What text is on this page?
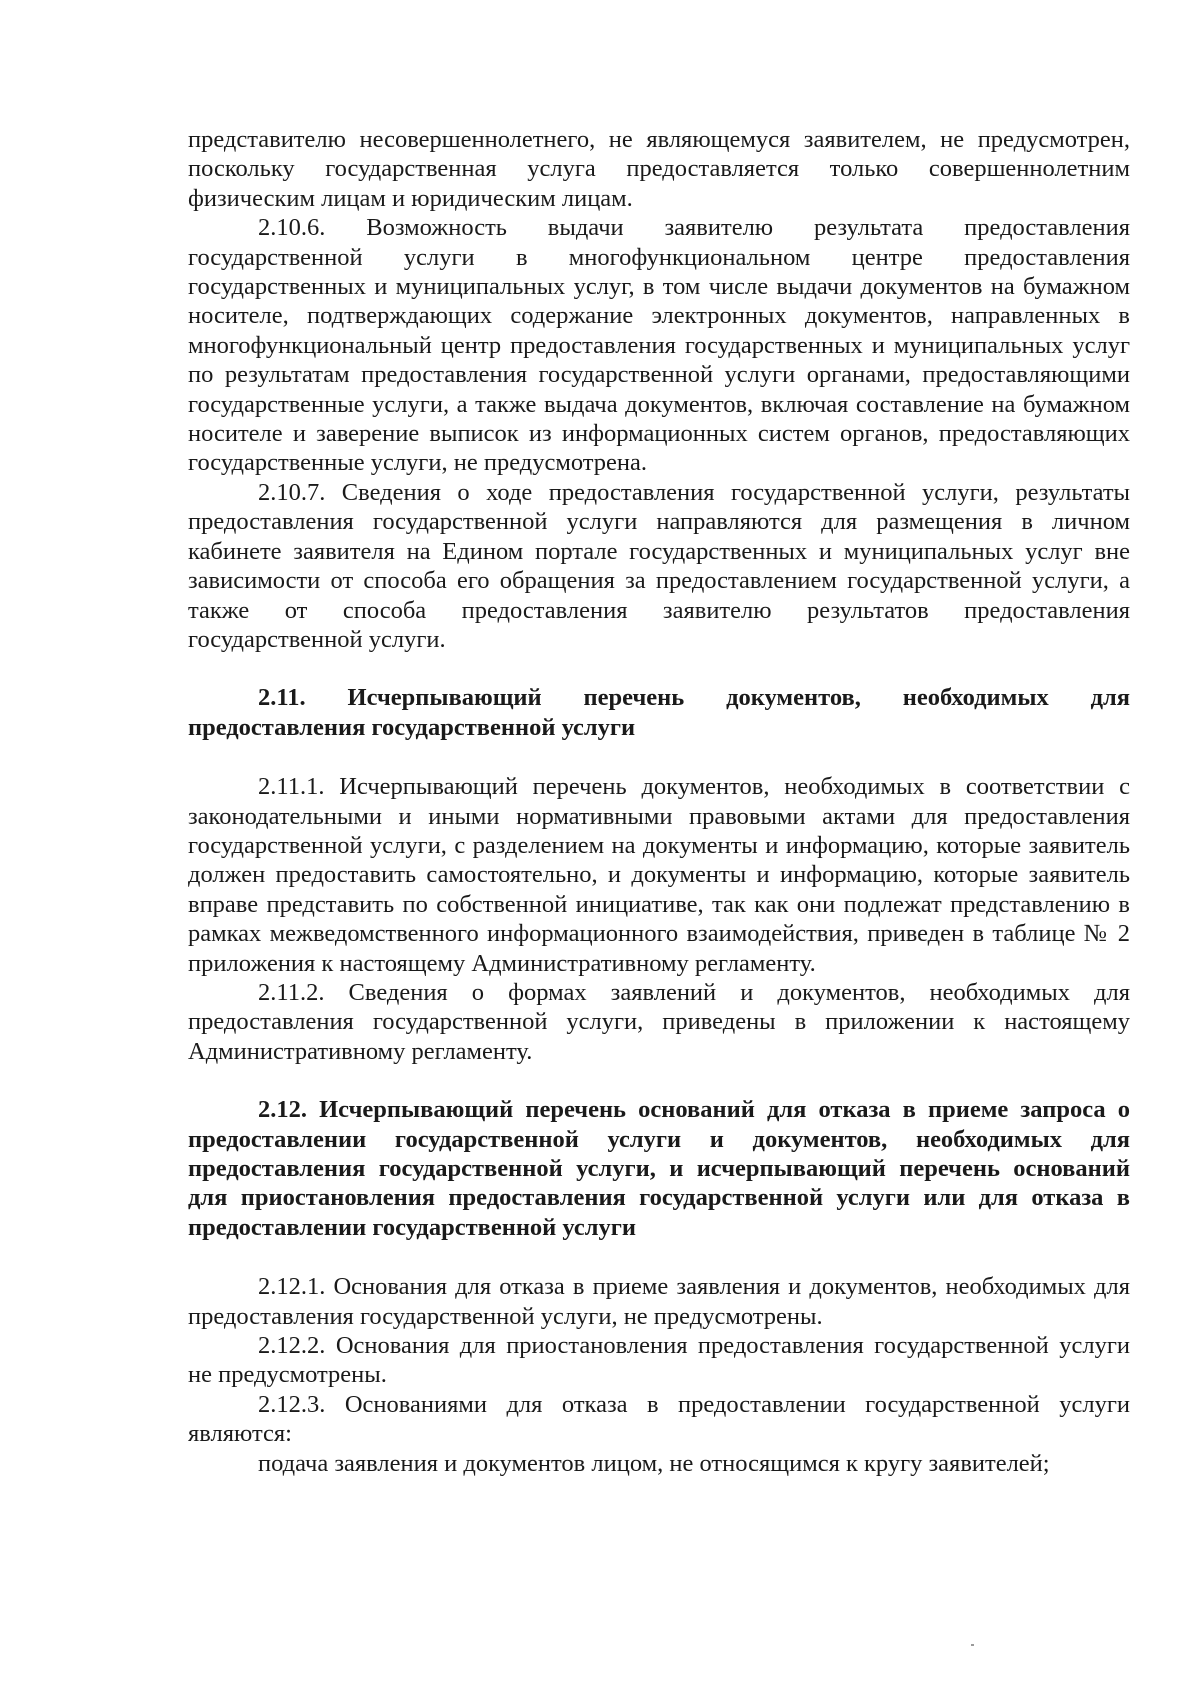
представителю несовершеннолетнего, не являющемуся заявителем, не предусмотрен, поскольку государственная услуга предоставляется только совершеннолетним физическим лицам и юридическим лицам.

2.10.6. Возможность выдачи заявителю результата предоставления государственной услуги в многофункциональном центре предоставления государственных и муниципальных услуг, в том числе выдачи документов на бумажном носителе, подтверждающих содержание электронных документов, направленных в многофункциональный центр предоставления государственных и муниципальных услуг по результатам предоставления государственной услуги органами, предоставляющими государственные услуги, а также выдача документов, включая составление на бумажном носителе и заверение выписок из информационных систем органов, предоставляющих государственные услуги, не предусмотрена.

2.10.7. Сведения о ходе предоставления государственной услуги, результаты предоставления государственной услуги направляются для размещения в личном кабинете заявителя на Едином портале государственных и муниципальных услуг вне зависимости от способа его обращения за предоставлением государственной услуги, а также от способа предоставления заявителю результатов предоставления государственной услуги.

2.11. Исчерпывающий перечень документов, необходимых для предоставления государственной услуги

2.11.1. Исчерпывающий перечень документов, необходимых в соответствии с законодательными и иными нормативными правовыми актами для предоставления государственной услуги, с разделением на документы и информацию, которые заявитель должен предоставить самостоятельно, и документы и информацию, которые заявитель вправе представить по собственной инициативе, так как они подлежат представлению в рамках межведомственного информационного взаимодействия, приведен в таблице № 2 приложения к настоящему Административному регламенту.

2.11.2. Сведения о формах заявлений и документов, необходимых для предоставления государственной услуги, приведены в приложении к настоящему Административному регламенту.

2.12. Исчерпывающий перечень оснований для отказа в приеме запроса о предоставлении государственной услуги и документов, необходимых для предоставления государственной услуги, и исчерпывающий перечень оснований для приостановления предоставления государственной услуги или для отказа в предоставлении государственной услуги

2.12.1. Основания для отказа в приеме заявления и документов, необходимых для предоставления государственной услуги, не предусмотрены.

2.12.2. Основания для приостановления предоставления государственной услуги не предусмотрены.

2.12.3. Основаниями для отказа в предоставлении государственной услуги являются:

подача заявления и документов лицом, не относящимся к кругу заявителей;
